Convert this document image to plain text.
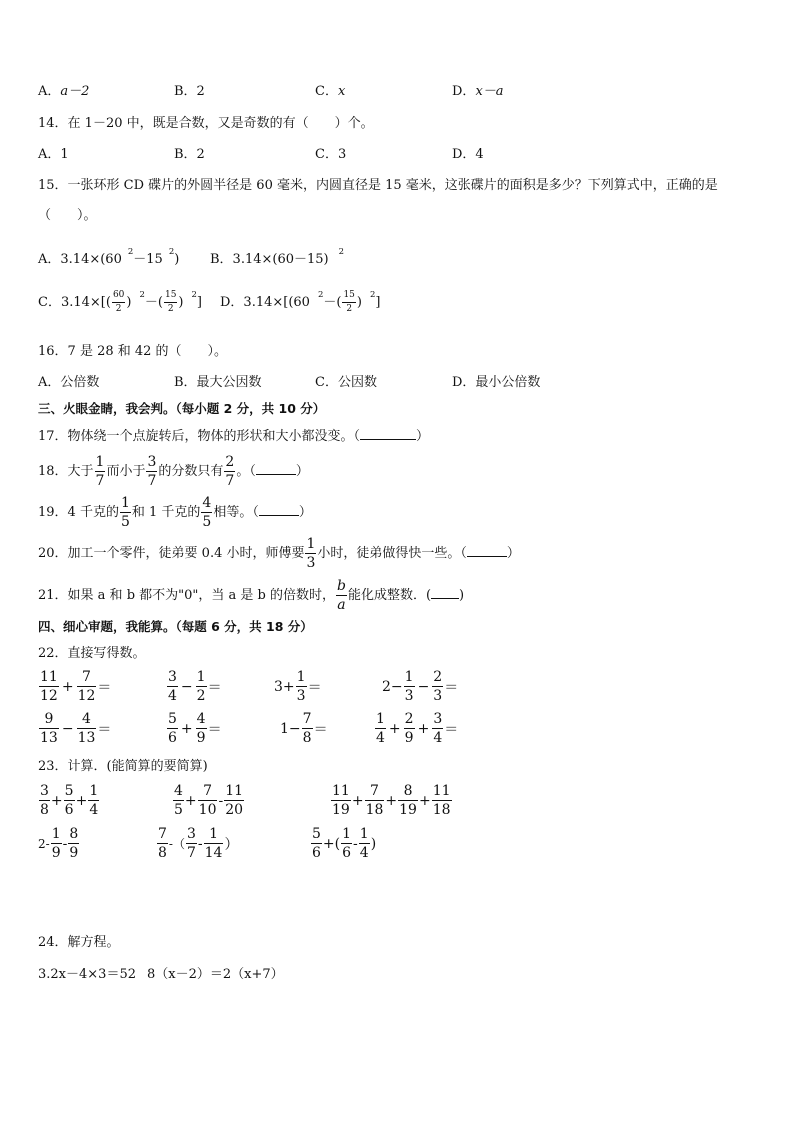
A．a－2	B．2	C．x	D．x－a
14．在 1－20 中，既是合数，又是奇数的有（　　）个。
A．1	B．2	C．3	D．4
15．一张环形 CD 碟片的外圆半径是 60 毫米，内圆直径是 15 毫米，这张碟片的面积是多少？下列算式中，正确的是
（　　）。
A．3.14×(60 $^2$－15 $^2$) B．3.14×(60－15) $^2$
C．$3.14\times[( \frac{60}{2}$ ) $^2-( \frac{15}{2}$ ) $^2$] D．3.14×[(60 $^2-( \frac{15}{2}$ ) $^2$]
16．7 是 28 和 42 的（　　）。
A．公倍数	B．最大公因数	C．公因数	D．最小公倍数
三、火眼金睛，我会判。（每小题 2 分，共 10 分）
17．物体绕一个点旋转后，物体的形状和大小都没变。（	）
18．大于 $\frac{1}{7}$ 而小于 $\frac{3}{7}$ 的分数只有 $\frac{2}{7}$ 。（	）
19．4 千克的 $\frac{1}{5}$ 和 1 千克的 $\frac{4}{5}$ 相等。（	）
20．加工一个零件，徒弟要 0.4 小时，师傅要 $\frac{1}{3}$ 小时，徒弟做得快一些。（	）
21．如果 a 和 b 都不为"0"，当 a 是 b 的倍数时， $\frac{b}{a}$ 能化成整数．( )
四、细心审题，我能算。（每题 6 分，共 18 分）
22．直接写得数。
$\frac{11}{12} + \frac{7}{12}$ ＝	$\frac{3}{4} - \frac{1}{2}$ ＝	$3+ \frac{1}{3}$ ＝	$2- \frac{1}{3} - \frac{2}{3}$ ＝
$\frac{9}{13} - \frac{4}{13}$ ＝	$\frac{5}{6} + \frac{4}{9}$ ＝	$1- \frac{7}{8}$ ＝	$\frac{1}{4} + \frac{2}{9} + \frac{3}{4}$ ＝
23．计算．(能简算的要简算)
$\frac{3}{8} + \frac{5}{6} + \frac{1}{4}$	$\frac{4}{5} + \frac{7}{10} - \frac{11}{20}$	$\frac{11}{19} + \frac{7}{18} + \frac{8}{19} + \frac{11}{18}$
$2- \frac{1}{9} - \frac{8}{9}$	$\frac{7}{8}$ -（ $\frac{3}{7} - \frac{1}{14}$ ）	$\frac{5}{6}$ +( $\frac{1}{6} - \frac{1}{4}$ )
24．解方程。
3.2x－4×3＝52 8（x－2）＝2（x+7）
